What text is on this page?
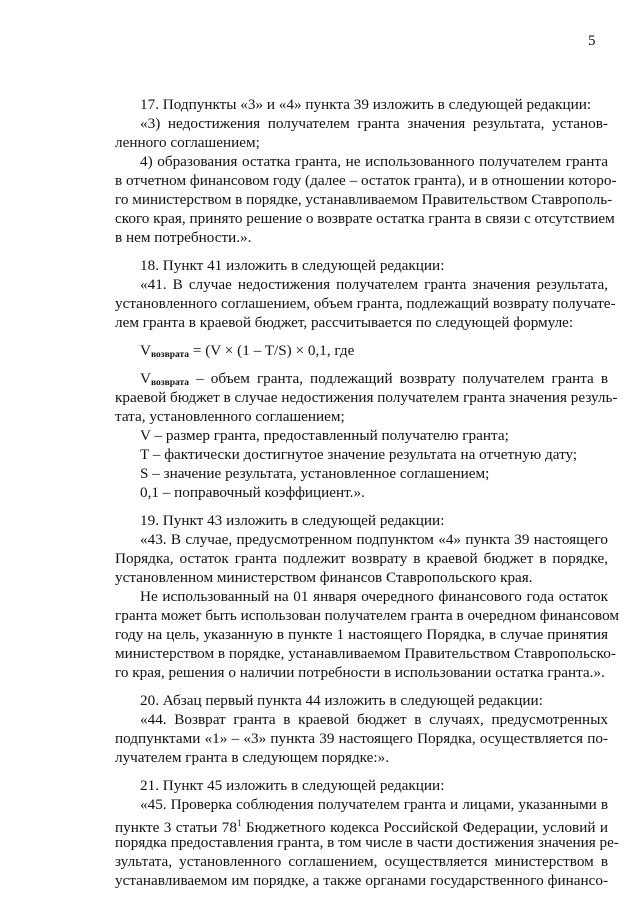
5
17. Подпункты «3» и «4» пункта 39 изложить в следующей редакции:
«3) недостижения получателем гранта значения результата, установ-
ленного соглашением;
4) образования остатка гранта, не использованного получателем гранта
в отчетном финансовом году (далее – остаток гранта), и в отношении которо-
го министерством в порядке, устанавливаемом Правительством Ставрополь-
ского края, принято решение о возврате остатка гранта в связи с отсутствием
в нем потребности.».
18. Пункт 41 изложить в следующей редакции:
«41. В случае недостижения получателем гранта значения результата,
установленного соглашением, объем гранта, подлежащий возврату получате-
лем гранта в краевой бюджет, рассчитывается по следующей формуле:
$V_{возврата} = (V \times (1 - T/S) \times 0,1$, где
$V_{возврата}$ – объем гранта, подлежащий возврату получателем гранта в
краевой бюджет в случае недостижения получателем гранта значения резуль-
тата, установленного соглашением;
V – размер гранта, предоставленный получателю гранта;
T – фактически достигнутое значение результата на отчетную дату;
S – значение результата, установленное соглашением;
0,1 – поправочный коэффициент.».
19. Пункт 43 изложить в следующей редакции:
«43. В случае, предусмотренном подпунктом «4» пункта 39 настоящего
Порядка, остаток гранта подлежит возврату в краевой бюджет в порядке,
установленном министерством финансов Ставропольского края.
Не использованный на 01 января очередного финансового года остаток
гранта может быть использован получателем гранта в очередном финансовом
году на цель, указанную в пункте 1 настоящего Порядка, в случае принятия
министерством в порядке, устанавливаемом Правительством Ставропольско-
го края, решения о наличии потребности в использовании остатка гранта.».
20. Абзац первый пункта 44 изложить в следующей редакции:
«44. Возврат гранта в краевой бюджет в случаях, предусмотренных
подпунктами «1» – «3» пункта 39 настоящего Порядка, осуществляется по-
лучателем гранта в следующем порядке:».
21. Пункт 45 изложить в следующей редакции:
«45. Проверка соблюдения получателем гранта и лицами, указанными в
пункте 3 статьи $78^1$ Бюджетного кодекса Российской Федерации, условий и
порядка предоставления гранта, в том числе в части достижения значения ре-
зультата, установленного соглашением, осуществляется министерством в
устанавливаемом им порядке, а также органами государственного финансо-
